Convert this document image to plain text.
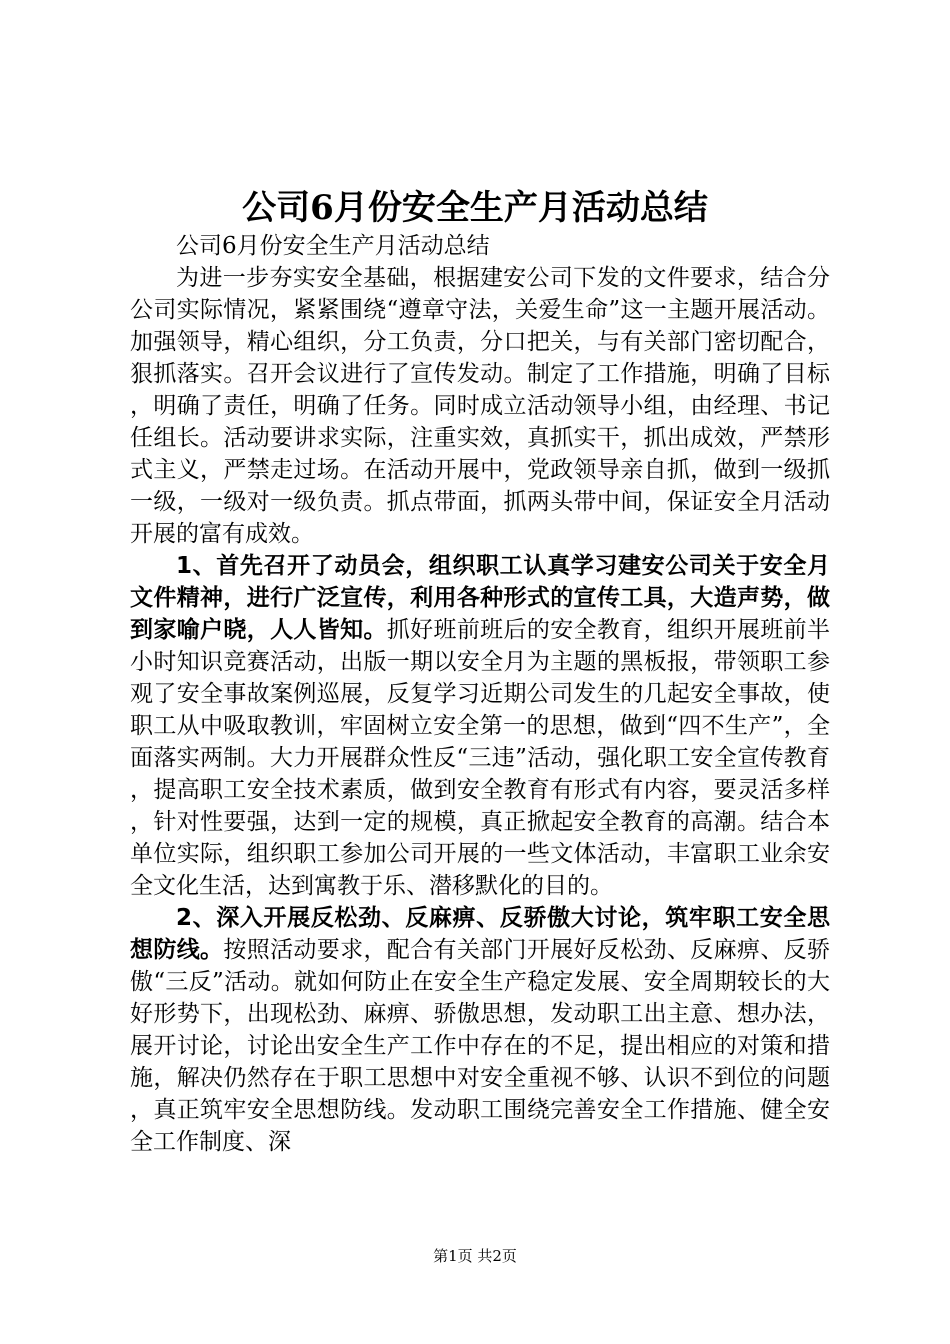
公司6月份安全生产月活动总结

公司6月份安全生产月活动总结

为进一步夯实安全基础，根据建安公司下发的文件要求，结合分公司实际情况，紧紧围绕“遵章守法，关爱生命”这一主题开展活动。加强领导，精心组织，分工负责，分口把关，与有关部门密切配合，狠抓落实。召开会议进行了宣传发动。制定了工作措施，明确了目标，明确了责任，明确了任务。同时成立活动领导小组，由经理、书记任组长。活动要讲求实际，注重实效，真抓实干，抓出成效，严禁形式主义，严禁走过场。在活动开展中，党政领导亲自抓，做到一级抓一级，一级对一级负责。抓点带面，抓两头带中间，保证安全月活动开展的富有成效。

1、首先召开了动员会，组织职工认真学习建安公司关于安全月文件精神，进行广泛宣传，利用各种形式的宣传工具，大造声势，做到家喻户晓，人人皆知。抓好班前班后的安全教育，组织开展班前半小时知识竞赛活动，出版一期以安全月为主题的黑板报，带领职工参观了安全事故案例巡展，反复学习近期公司发生的几起安全事故，使职工从中吸取教训，牢固树立安全第一的思想，做到“四不生产”，全面落实两制。大力开展群众性反“三违”活动，强化职工安全宣传教育，提高职工安全技术素质，做到安全教育有形式有内容，要灵活多样，针对性要强，达到一定的规模，真正掀起安全教育的高潮。结合本单位实际，组织职工参加公司开展的一些文体活动，丰富职工业余安全文化生活，达到寓教于乐、潜移默化的目的。

2、深入开展反松劲、反麻痹、反骄傲大讨论，筑牢职工安全思想防线。按照活动要求，配合有关部门开展好反松劲、反麻痹、反骄傲“三反”活动。就如何防止在安全生产稳定发展、安全周期较长的大好形势下，出现松劲、麻痹、骄傲思想，发动职工出主意、想办法，展开讨论，讨论出安全生产工作中存在的不足，提出相应的对策和措施，解决仍然存在于职工思想中对安全重视不够、认识不到位的问题，真正筑牢安全思想防线。发动职工围绕完善安全工作措施、健全安全工作制度、深

第1页 共2页
